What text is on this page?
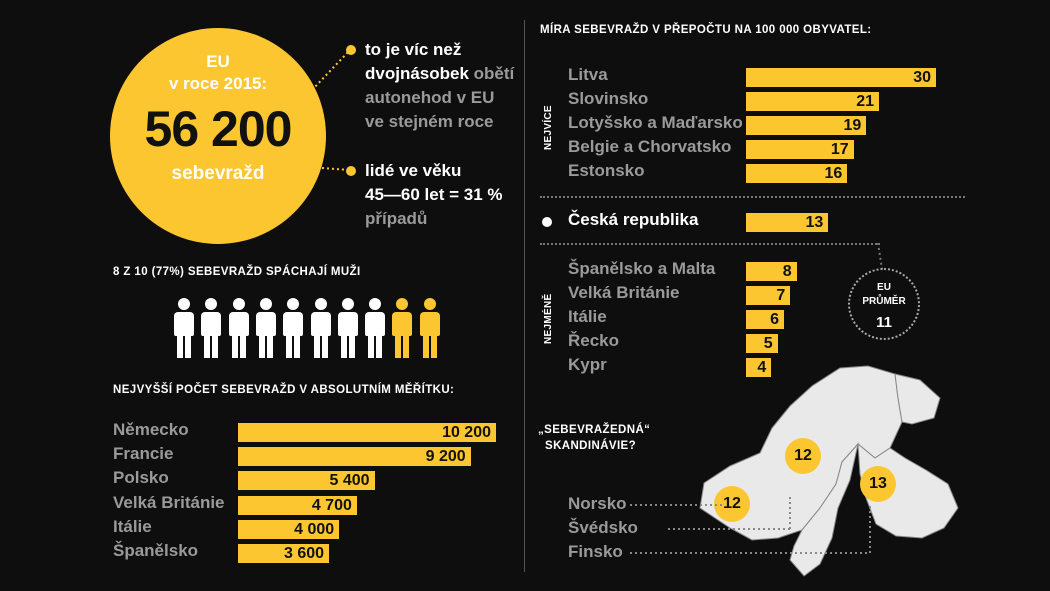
EU
v roce 2015:
56 200
sebevražd
to je víc než
dvojnásobek obětí
autonehod v EU
ve stejném roce
lidé ve věku
45—60 let = 31 %
případů
8 Z 10 (77%) SEBEVRAŽD SPÁCHAJÍ MUŽI
NEJVYŠŠÍ POČET SEBEVRAŽD V ABSOLUTNÍM MĚŘÍTKU:
Německo	10 200
Francie	9 200
Polsko	5 400
Velká Británie	4 700
Itálie	4 000
Španělsko	3 600
MÍRA SEBEVRAŽD V PŘEPOČTU NA 100 000 OBYVATEL:
Litva	30
Slovinsko	21
Lotyšsko a Maďarsko	19
Belgie a Chorvatsko	17
Estonsko	16
Česká republika	13
Španělsko a Malta	8
Velká Británie	7
Itálie	6
Řecko	5
Kypr	4
NEJVÍCE
NEJMÉNĚ
EU
PRŮMĚR
11
„SEBEVRAŽEDNÁ“
SKANDINÁVIE?
12
12
13
Norsko
Švédsko
Finsko
